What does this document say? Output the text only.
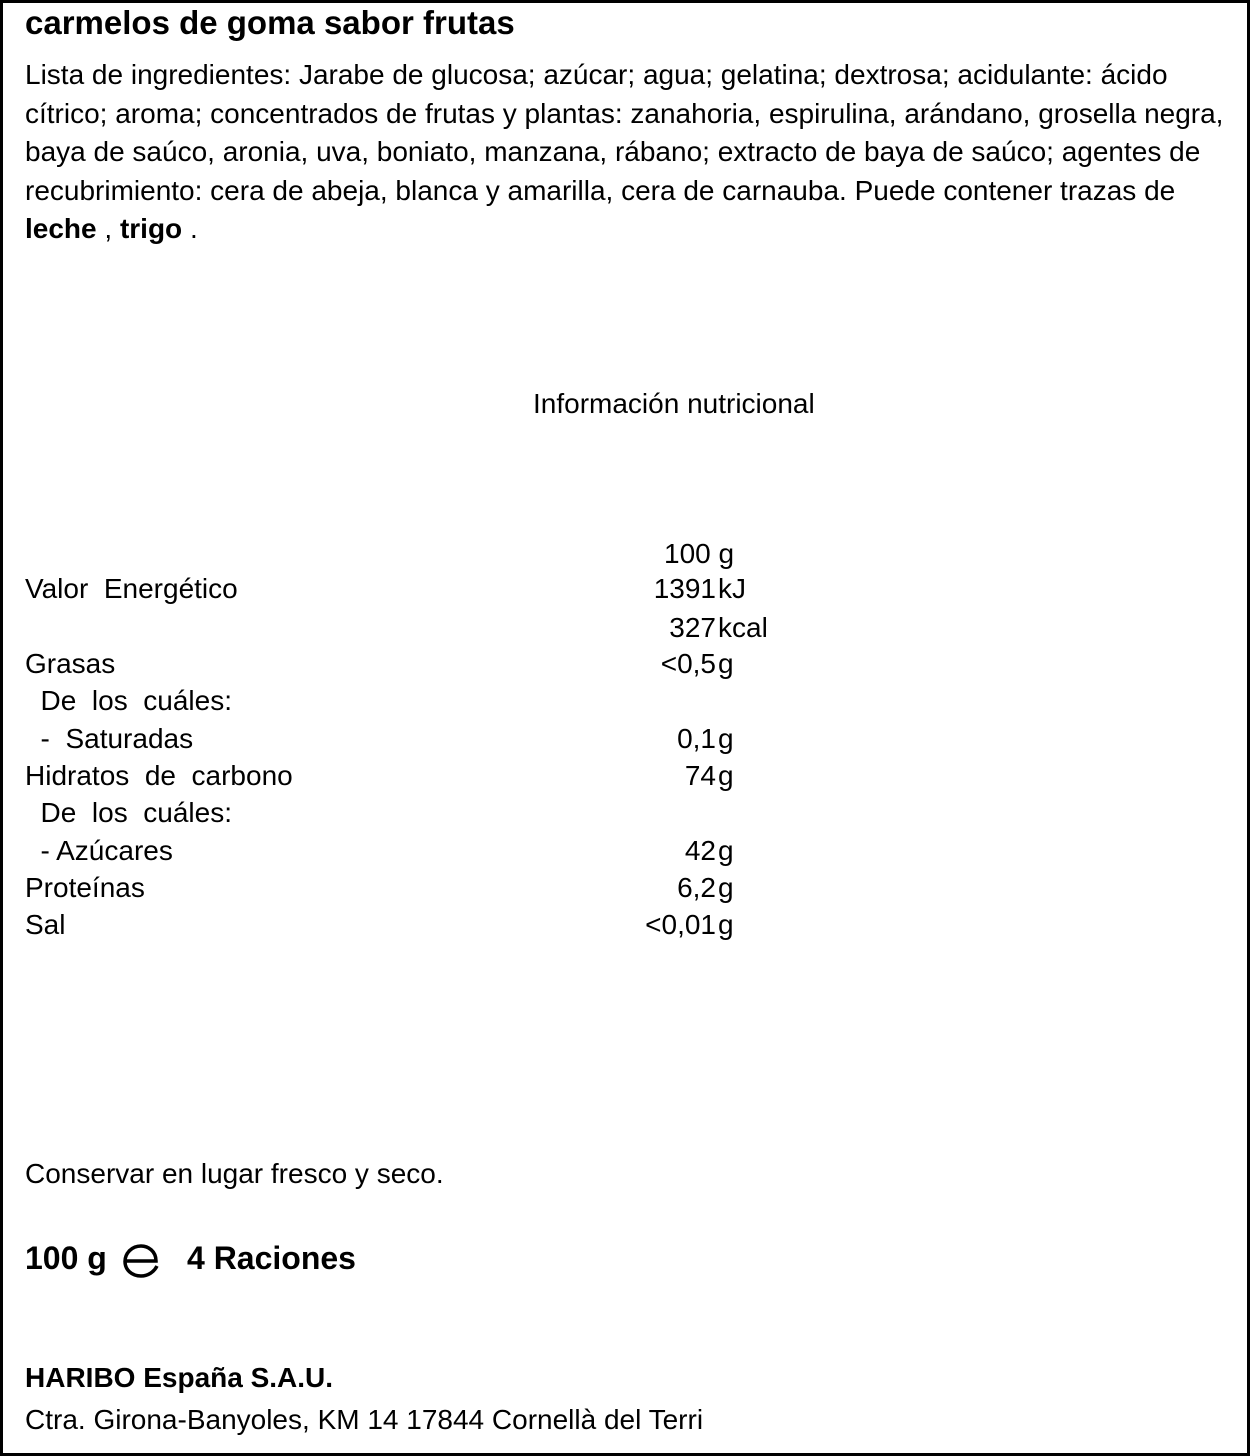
carmelos de goma sabor frutas
Lista de ingredientes: Jarabe de glucosa; azúcar; agua; gelatina; dextrosa; acidulante: ácido cítrico; aroma; concentrados de frutas y plantas: zanahoria, espirulina, arándano, grosella negra, baya de saúco, aronia, uva, boniato, manzana, rábano; extracto de baya de saúco; agentes de recubrimiento: cera de abeja, blanca y amarilla, cera de carnauba. Puede contener trazas de leche , trigo .
Información nutricional
100 g
Valor  Energético	1391 kJ
327 kcal
Grasas	<0,5 g
De  los  cuáles:
-  Saturadas	0,1 g
Hidratos  de  carbono	74 g
De  los  cuáles:
- Azúcares	42 g
Proteínas	6,2 g
Sal	<0,01 g
Conservar en lugar fresco y seco.
100 g	4 Raciones
HARIBO España S.A.U.
Ctra. Girona-Banyoles, KM 14 17844 Cornellà del Terri
